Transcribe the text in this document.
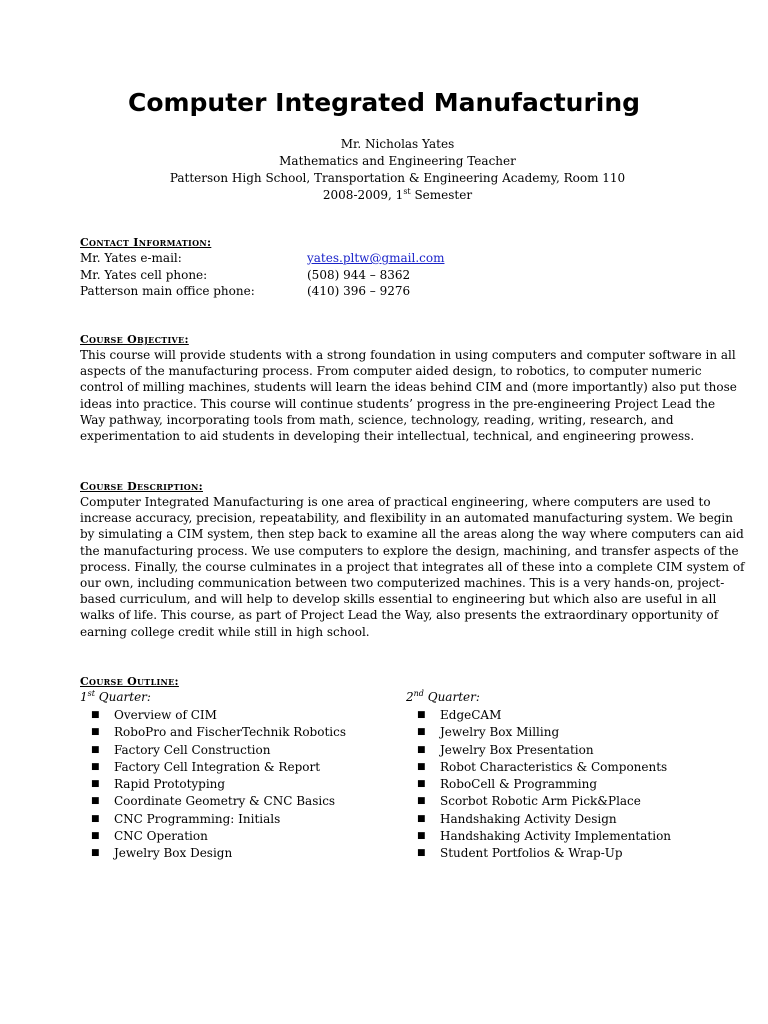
Computer Integrated Manufacturing
Mr. Nicholas Yates
Mathematics and Engineering Teacher
Patterson High School, Transportation & Engineering Academy, Room 110
2008-2009, 1st Semester
Contact Information:
Mr. Yates e-mail:	yates.pltw@gmail.com
Mr. Yates cell phone:	(508) 944 – 8362
Patterson main office phone:	(410) 396 – 9276
Course Objective:
This course will provide students with a strong foundation in using computers and computer software in all
aspects of the manufacturing process. From computer aided design, to robotics, to computer numeric
control of milling machines, students will learn the ideas behind CIM and (more importantly) also put those
ideas into practice. This course will continue students’ progress in the pre-engineering Project Lead the
Way pathway, incorporating tools from math, science, technology, reading, writing, research, and
experimentation to aid students in developing their intellectual, technical, and engineering prowess.
Course Description:
Computer Integrated Manufacturing is one area of practical engineering, where computers are used to
increase accuracy, precision, repeatability, and flexibility in an automated manufacturing system. We begin
by simulating a CIM system, then step back to examine all the areas along the way where computers can aid
the manufacturing process. We use computers to explore the design, machining, and transfer aspects of the
process. Finally, the course culminates in a project that integrates all of these into a complete CIM system of
our own, including communication between two computerized machines. This is a very hands-on, project-
based curriculum, and will help to develop skills essential to engineering but which also are useful in all
walks of life. This course, as part of Project Lead the Way, also presents the extraordinary opportunity of
earning college credit while still in high school.
Course Outline:
1st Quarter:
■ Overview of CIM
■ RoboPro and FischerTechnik Robotics
■ Factory Cell Construction
■ Factory Cell Integration & Report
■ Rapid Prototyping
■ Coordinate Geometry & CNC Basics
■ CNC Programming: Initials
■ CNC Operation
■ Jewelry Box Design
2nd Quarter:
■ EdgeCAM
■ Jewelry Box Milling
■ Jewelry Box Presentation
■ Robot Characteristics & Components
■ RoboCell & Programming
■ Scorbot Robotic Arm Pick&Place
■ Handshaking Activity Design
■ Handshaking Activity Implementation
■ Student Portfolios & Wrap-Up
